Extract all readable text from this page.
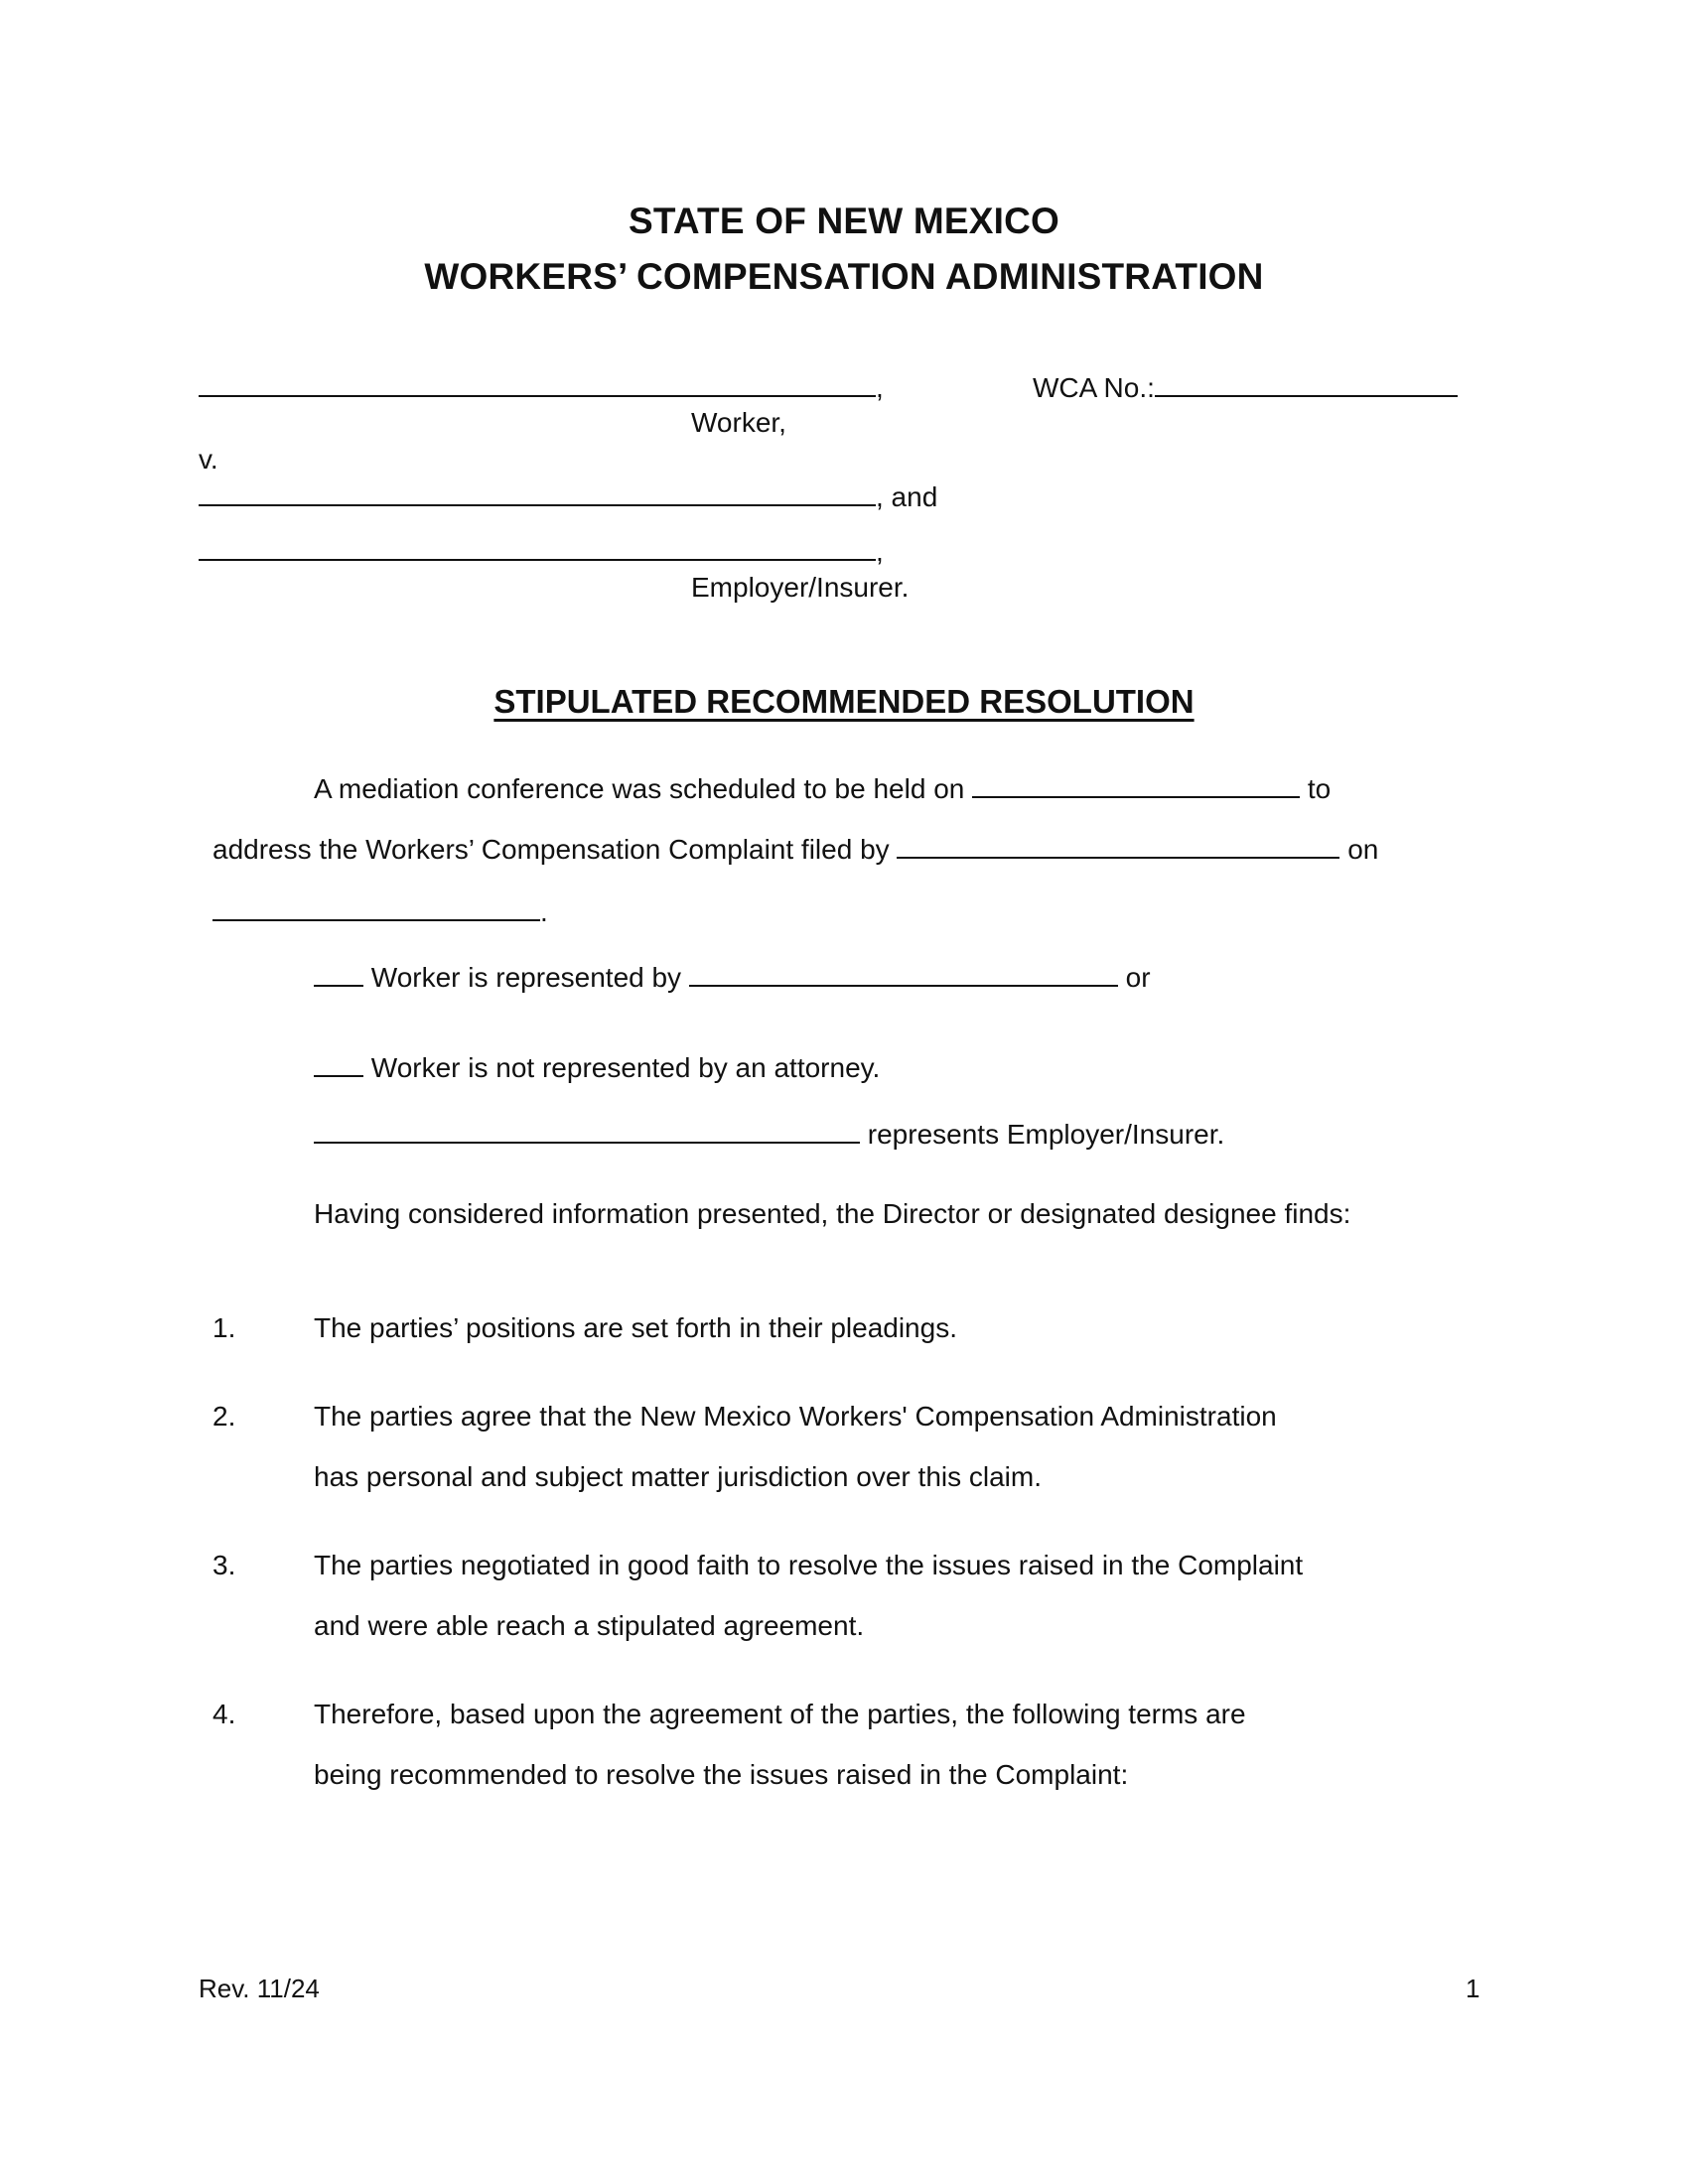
STATE OF NEW MEXICO
WORKERS’ COMPENSATION ADMINISTRATION
,	WCA No.:
Worker,
v.
, and
,
Employer/Insurer.
STIPULATED RECOMMENDED RESOLUTION
A mediation conference was scheduled to be held on	to
address the Workers’ Compensation Complaint filed by	on
.
Worker is represented by	or
Worker is not represented by an attorney.
represents Employer/Insurer.
Having considered information presented, the Director or designated designee finds:
1.	The parties’ positions are set forth in their pleadings.
2.	The parties agree that the New Mexico Workers' Compensation Administration
has personal and subject matter jurisdiction over this claim.
3.	The parties negotiated in good faith to resolve the issues raised in the Complaint
and were able reach a stipulated agreement.
4.	Therefore, based upon the agreement of the parties, the following terms are
being recommended to resolve the issues raised in the Complaint:
Rev. 11/24	1
